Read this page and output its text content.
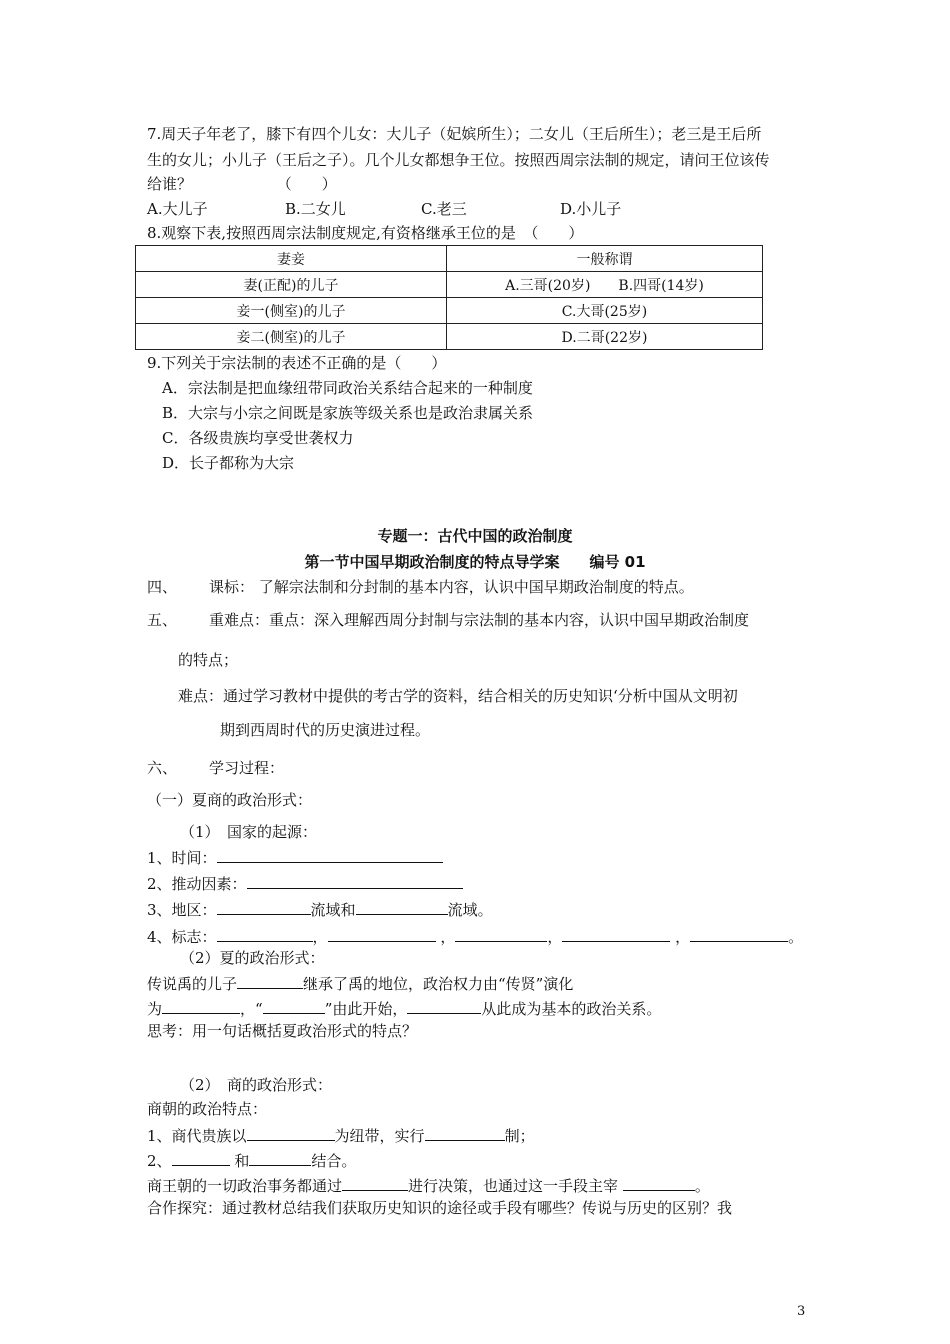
7.周天子年老了，膝下有四个儿女：大儿子（妃嫔所生）；二女儿（王后所生）；老三是王后所
生的女儿；小儿子（王后之子）。几个儿女都想争王位。按照西周宗法制的规定，请问王位该传
给谁？	（　　）
A.大儿子	B.二女儿	C.老三	D.小儿子
8.观察下表,按照西周宗法制度规定,有资格继承王位的是　（　　）
妻妾	一般称谓
妻(正配)的儿子	A.三哥(20岁)　　B.四哥(14岁)
妾一(侧室)的儿子	C.大哥(25岁)
妾二(侧室)的儿子	D.二哥(22岁)
9.下列关于宗法制的表述不正确的是（　　）
A．宗法制是把血缘纽带同政治关系结合起来的一种制度
B．大宗与小宗之间既是家族等级关系也是政治隶属关系
C．各级贵族均享受世袭权力
D．长子都称为大宗
专题一：古代中国的政治制度
第一节中国早期政治制度的特点导学案　　编号 01
四、 课标： 了解宗法制和分封制的基本内容，认识中国早期政治制度的特点。
五、 重难点：重点：深入理解西周分封制与宗法制的基本内容，认识中国早期政治制度
的特点；
难点：通过学习教材中提供的考古学的资料，结合相关的历史知识‘分析中国从文明初
期到西周时代的历史演进过程。
六、 学习过程：
（一）夏商的政治形式：
（1）　国家的起源：
1、时间：
2、推动因素：
3、地区：	流域和	流域。
4、标志：	，	，	，	，	。
（2）夏的政治形式：
传说禹的儿子	继承了禹的地位，政治权力由“传贤”演化
为	，“	”由此开始，	从此成为基本的政治关系。
思考：用一句话概括夏政治形式的特点？
（2）　商的政治形式：
商朝的政治特点：
1、商代贵族以	为纽带，实行	制；
2、	和	结合。
商王朝的一切政治事务都通过	进行决策，也通过这一手段主宰	。
合作探究：通过教材总结我们获取历史知识的途径或手段有哪些？传说与历史的区别？我
3
